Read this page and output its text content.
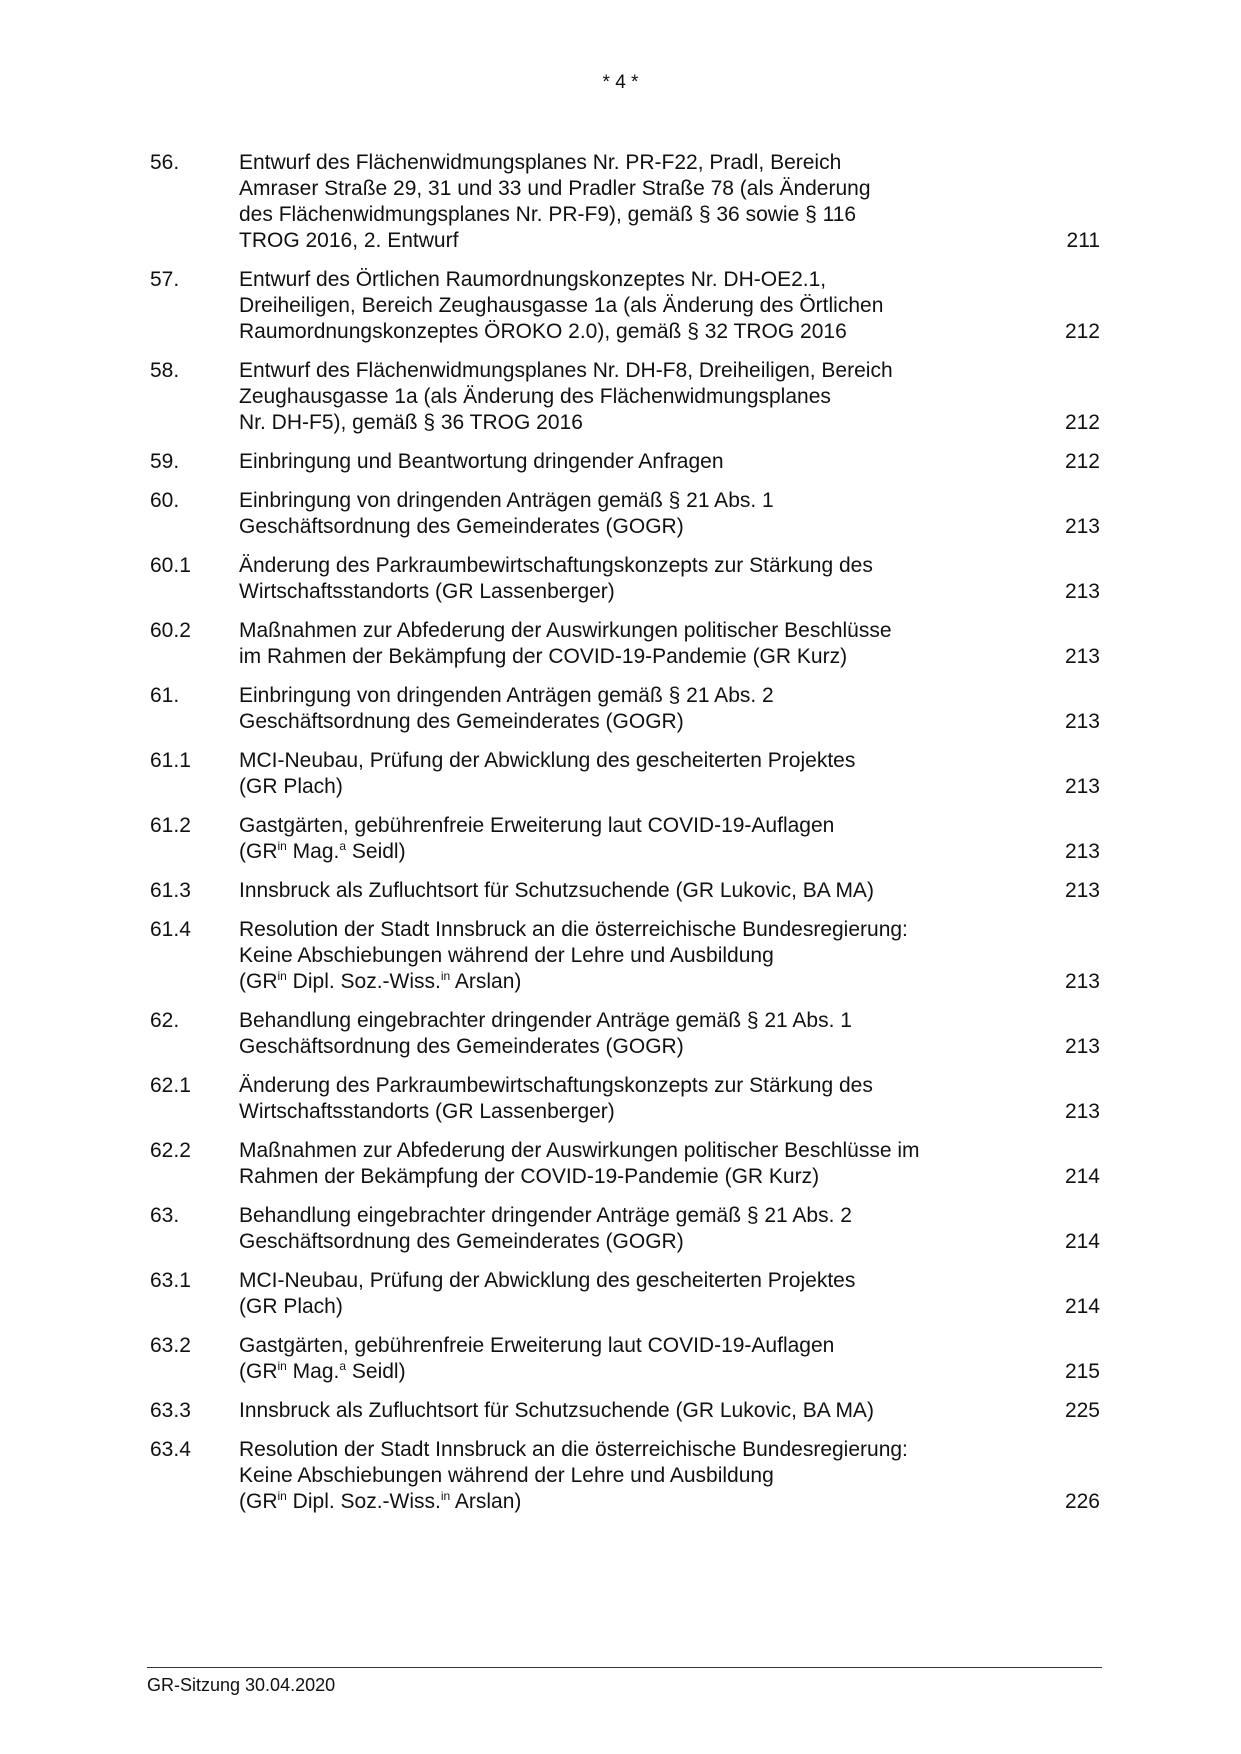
* 4 *
56.	Entwurf des Flächenwidmungsplanes Nr. PR-F22, Pradl, Bereich
Amraser Straße 29, 31 und 33 und Pradler Straße 78 (als Änderung
des Flächenwidmungsplanes Nr. PR-F9), gemäß § 36 sowie § 116
TROG 2016, 2. Entwurf	211
57.	Entwurf des Örtlichen Raumordnungskonzeptes Nr. DH-OE2.1,
Dreiheiligen, Bereich Zeughausgasse 1a (als Änderung des Örtlichen
Raumordnungskonzeptes ÖROKO 2.0), gemäß § 32 TROG 2016	212
58.	Entwurf des Flächenwidmungsplanes Nr. DH-F8, Dreiheiligen, Bereich
Zeughausgasse 1a (als Änderung des Flächenwidmungsplanes
Nr. DH-F5), gemäß § 36 TROG 2016	212
59.	Einbringung und Beantwortung dringender Anfragen	212
60.	Einbringung von dringenden Anträgen gemäß § 21 Abs. 1
Geschäftsordnung des Gemeinderates (GOGR)	213
60.1	Änderung des Parkraumbewirtschaftungskonzepts zur Stärkung des
Wirtschaftsstandorts (GR Lassenberger)	213
60.2	Maßnahmen zur Abfederung der Auswirkungen politischer Beschlüsse
im Rahmen der Bekämpfung der COVID-19-Pandemie (GR Kurz)	213
61.	Einbringung von dringenden Anträgen gemäß § 21 Abs. 2
Geschäftsordnung des Gemeinderates (GOGR)	213
61.1	MCI-Neubau, Prüfung der Abwicklung des gescheiterten Projektes
(GR Plach)	213
61.2	Gastgärten, gebührenfreie Erweiterung laut COVID-19-Auflagen
($GR^{in}$ Mag.$^a$ Seidl)	213
61.3	Innsbruck als Zufluchtsort für Schutzsuchende (GR Lukovic, BA MA)	213
61.4	Resolution der Stadt Innsbruck an die österreichische Bundesregierung:
Keine Abschiebungen während der Lehre und Ausbildung
($GR^{in}$ Dipl. Soz.-Wiss.$^{in}$ Arslan)	213
62.	Behandlung eingebrachter dringender Anträge gemäß § 21 Abs. 1
Geschäftsordnung des Gemeinderates (GOGR)	213
62.1	Änderung des Parkraumbewirtschaftungskonzepts zur Stärkung des
Wirtschaftsstandorts (GR Lassenberger)	213
62.2	Maßnahmen zur Abfederung der Auswirkungen politischer Beschlüsse im
Rahmen der Bekämpfung der COVID-19-Pandemie (GR Kurz)	214
63.	Behandlung eingebrachter dringender Anträge gemäß § 21 Abs. 2
Geschäftsordnung des Gemeinderates (GOGR)	214
63.1	MCI-Neubau, Prüfung der Abwicklung des gescheiterten Projektes
(GR Plach)	214
63.2	Gastgärten, gebührenfreie Erweiterung laut COVID-19-Auflagen
($GR^{in}$ Mag.$^a$ Seidl)	215
63.3	Innsbruck als Zufluchtsort für Schutzsuchende (GR Lukovic, BA MA)	225
63.4	Resolution der Stadt Innsbruck an die österreichische Bundesregierung:
Keine Abschiebungen während der Lehre und Ausbildung
($GR^{in}$ Dipl. Soz.-Wiss.$^{in}$ Arslan)	226
GR-Sitzung 30.04.2020
